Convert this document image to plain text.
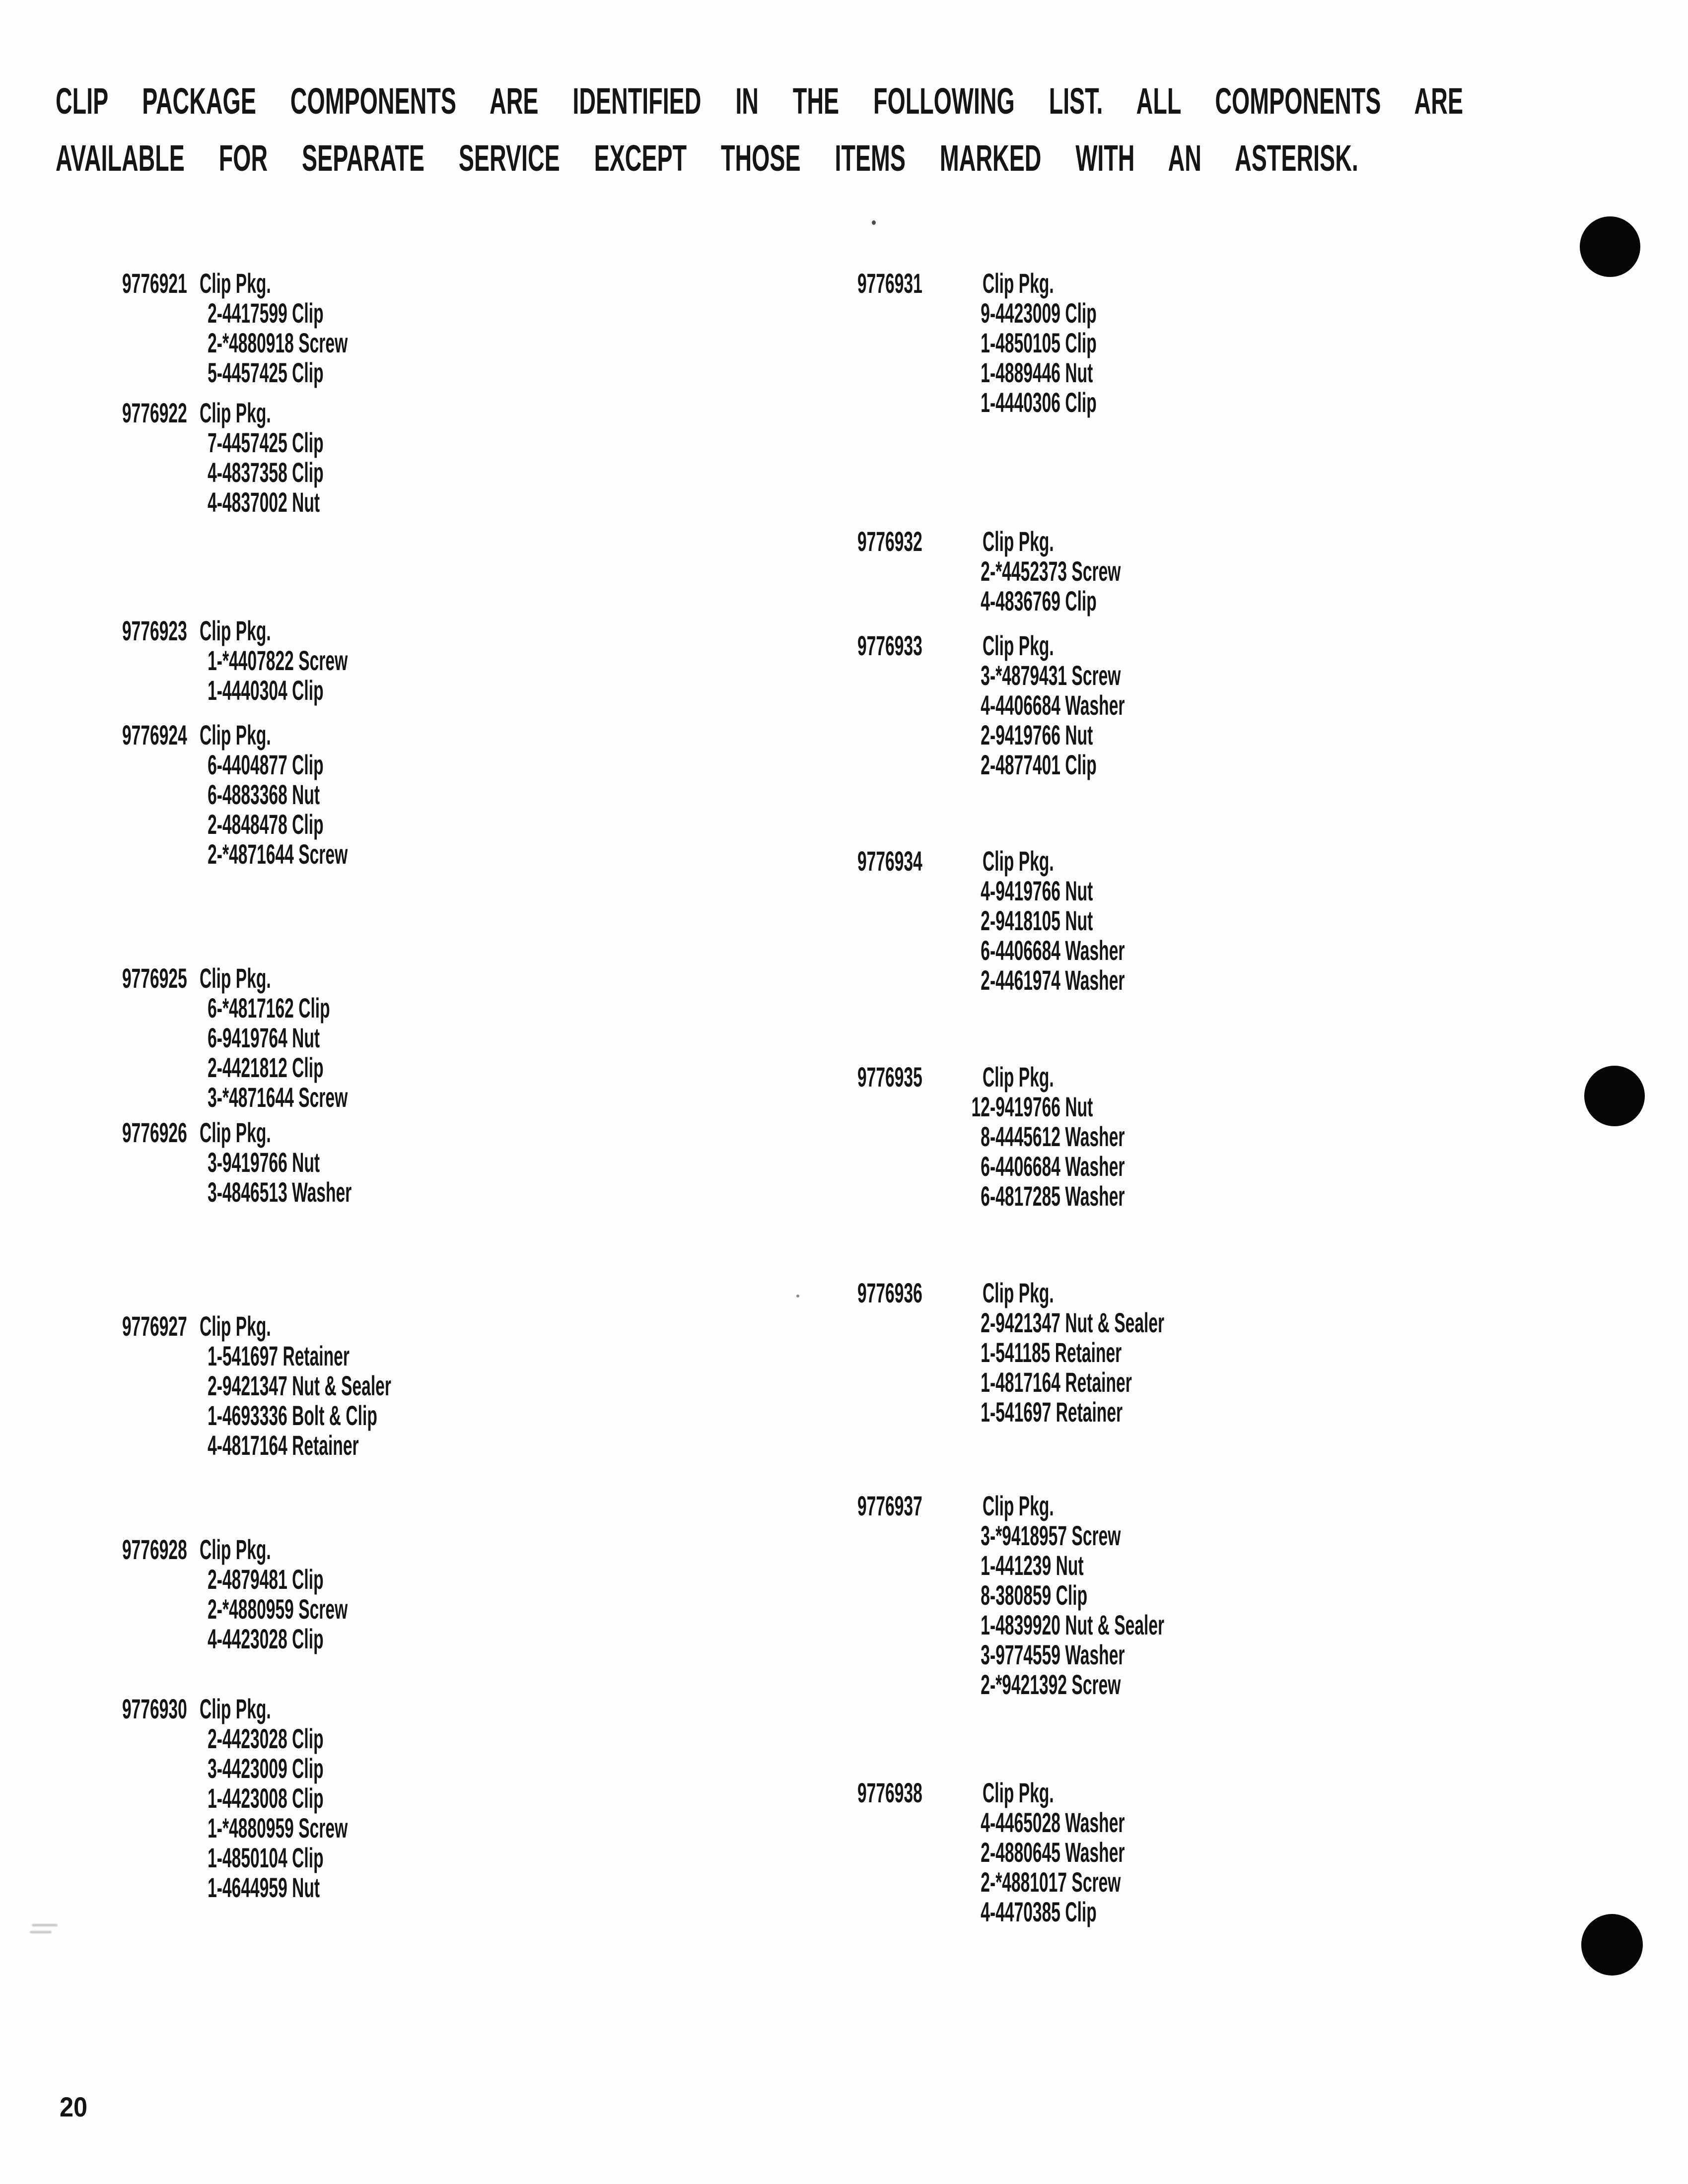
CLIP PACKAGE COMPONENTS ARE IDENTIFIED IN THE FOLLOWING LIST. ALL COMPONENTS ARE
AVAILABLE FOR SEPARATE SERVICE EXCEPT THOSE ITEMS MARKED WITH AN ASTERISK.
9776921 Clip Pkg.
2-4417599 Clip
2-*4880918 Screw
5-4457425 Clip
9776922 Clip Pkg.
7-4457425 Clip
4-4837358 Clip
4-4837002 Nut
9776923 Clip Pkg.
1-*4407822 Screw
1-4440304 Clip
9776924 Clip Pkg.
6-4404877 Clip
6-4883368 Nut
2-4848478 Clip
2-*4871644 Screw
9776925 Clip Pkg.
6-*4817162 Clip
6-9419764 Nut
2-4421812 Clip
3-*4871644 Screw
9776926 Clip Pkg.
3-9419766 Nut
3-4846513 Washer
9776927 Clip Pkg.
1-541697 Retainer
2-9421347 Nut & Sealer
1-4693336 Bolt & Clip
4-4817164 Retainer
9776928 Clip Pkg.
2-4879481 Clip
2-*4880959 Screw
4-4423028 Clip
9776930 Clip Pkg.
2-4423028 Clip
3-4423009 Clip
1-4423008 Clip
1-*4880959 Screw
1-4850104 Clip
1-4644959 Nut
9776931 Clip Pkg.
9-4423009 Clip
1-4850105 Clip
1-4889446 Nut
1-4440306 Clip
9776932 Clip Pkg.
2-*4452373 Screw
4-4836769 Clip
9776933 Clip Pkg.
3-*4879431 Screw
4-4406684 Washer
2-9419766 Nut
2-4877401 Clip
9776934 Clip Pkg.
4-9419766 Nut
2-9418105 Nut
6-4406684 Washer
2-4461974 Washer
9776935 Clip Pkg.
12-9419766 Nut
8-4445612 Washer
6-4406684 Washer
6-4817285 Washer
9776936 Clip Pkg.
2-9421347 Nut & Sealer
1-541185 Retainer
1-4817164 Retainer
1-541697 Retainer
9776937 Clip Pkg.
3-*9418957 Screw
1-441239 Nut
8-380859 Clip
1-4839920 Nut & Sealer
3-9774559 Washer
2-*9421392 Screw
9776938 Clip Pkg.
4-4465028 Washer
2-4880645 Washer
2-*4881017 Screw
4-4470385 Clip
20
